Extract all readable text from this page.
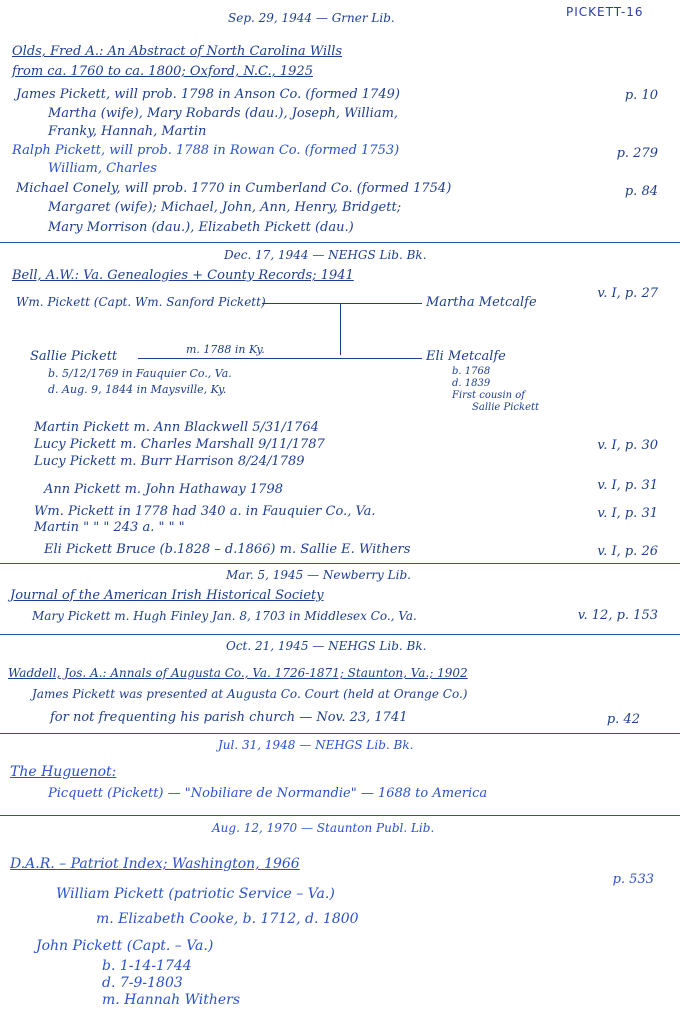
PICKETT-16
Sep. 29, 1944 — Grner Lib.
Olds, Fred A.: An Abstract of North Carolina Wills
from ca. 1760 to ca. 1800; Oxford, N.C., 1925
James Pickett, will prob. 1798 in Anson Co. (formed 1749)	p. 10
Martha (wife), Mary Robards (dau.), Joseph, William,
Franky, Hannah, Martin
Ralph Pickett, will prob. 1788 in Rowan Co. (formed 1753)	p. 279
William, Charles
Michael Conely, will prob. 1770 in Cumberland Co. (formed 1754)	p. 84
Margaret (wife); Michael, John, Ann, Henry, Bridgett;
Mary Morrison (dau.), Elizabeth Pickett (dau.)
Dec. 17, 1944 — NEHGS Lib. Bk.
Bell, A.W.: Va. Genealogies + County Records; 1941
Wm. Pickett (Capt. Wm. Sanford Pickett)	Martha Metcalfe
v. I, p. 27
Sallie Pickett	m. 1788 in Ky.	Eli Metcalfe
b. 5/12/1769 in Fauquier Co., Va.
d. Aug. 9, 1844 in Maysville, Ky.
b. 1768
d. 1839
First cousin of
Sallie Pickett
Martin Pickett m. Ann Blackwell 5/31/1764
Lucy Pickett m. Charles Marshall 9/11/1787	v. I, p. 30
Lucy Pickett m. Burr Harrison 8/24/1789
Ann Pickett m. John Hathaway 1798	v. I, p. 31
Wm. Pickett in 1778 had 340 a. in Fauquier Co., Va.	v. I, p. 31
Martin " " " 243 a. " " "
Eli Pickett Bruce (b.1828 – d.1866) m. Sallie E. Withers	v. I, p. 26
Mar. 5, 1945 — Newberry Lib.
Journal of the American Irish Historical Society
Mary Pickett m. Hugh Finley Jan. 8, 1703 in Middlesex Co., Va.	v. 12, p. 153
Oct. 21, 1945 — NEHGS Lib. Bk.
Waddell, Jos. A.: Annals of Augusta Co., Va. 1726-1871; Staunton, Va.; 1902
James Pickett was presented at Augusta Co. Court (held at Orange Co.)
for not frequenting his parish church — Nov. 23, 1741	p. 42
Jul. 31, 1948 — NEHGS Lib. Bk.
The Huguenot:
Picquett (Pickett) — "Nobiliare de Normandie" — 1688 to America
Aug. 12, 1970 — Staunton Publ. Lib.
D.A.R. – Patriot Index; Washington, 1966
p. 533
William Pickett (patriotic Service – Va.)
m. Elizabeth Cooke, b. 1712, d. 1800
John Pickett (Capt. – Va.)
b. 1-14-1744
d. 7-9-1803
m. Hannah Withers
